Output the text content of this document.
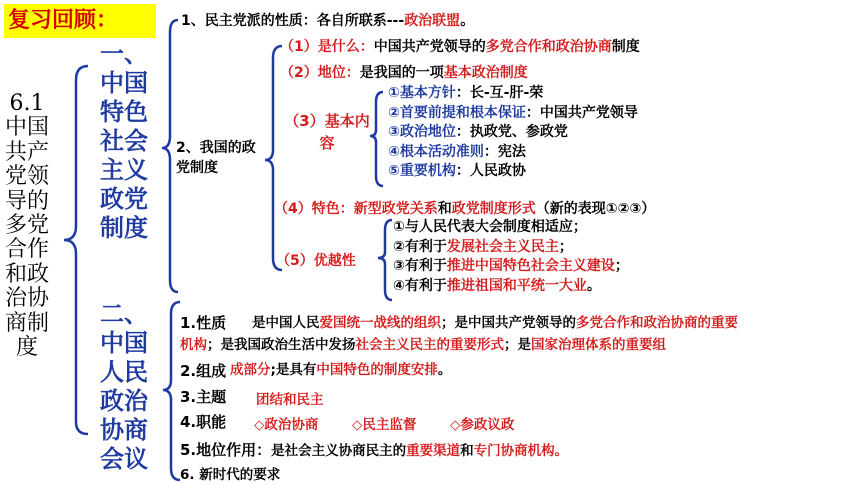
复习回顾：
6.1中国共产党领导的多党合作和政治协商制度
一、中国特色社会主义政党制度
二、中国人民政治协商会议
1、民主党派的性质：各自所联系---政治联盟。
2、我国的政党制度
（1）是什么：中国共产党领导的多党合作和政治协商制度
（2）地位：是我国的一项基本政治制度
（3）基本内容
①基本方针：长-互-肝-荣
②首要前提和根本保证：中国共产党领导
③政治地位：执政党、参政党
④根本活动准则：宪法
⑤重要机构：人民政协
（4）特色：新型政党关系和政党制度形式（新的表现①②③）
（5）优越性
①与人民代表大会制度相适应；
②有利于发展社会主义民主；
③有利于推进中国特色社会主义建设；
④有利于推进祖国和平统一大业。
1.性质 是中国人民爱国统一战线的组织；是中国共产党领导的多党合作和政治协商的重要
机构；是我国政治生活中发扬社会主义民主的重要形式；是国家治理体系的重要组
2.组成 成部分;是具有中国特色的制度安排。
3.主题 团结和民主
4.职能 ◇政治协商 ◇民主监督 ◇参政议政
5.地位作用：是社会主义协商民主的重要渠道和专门协商机构。
6. 新时代的要求
